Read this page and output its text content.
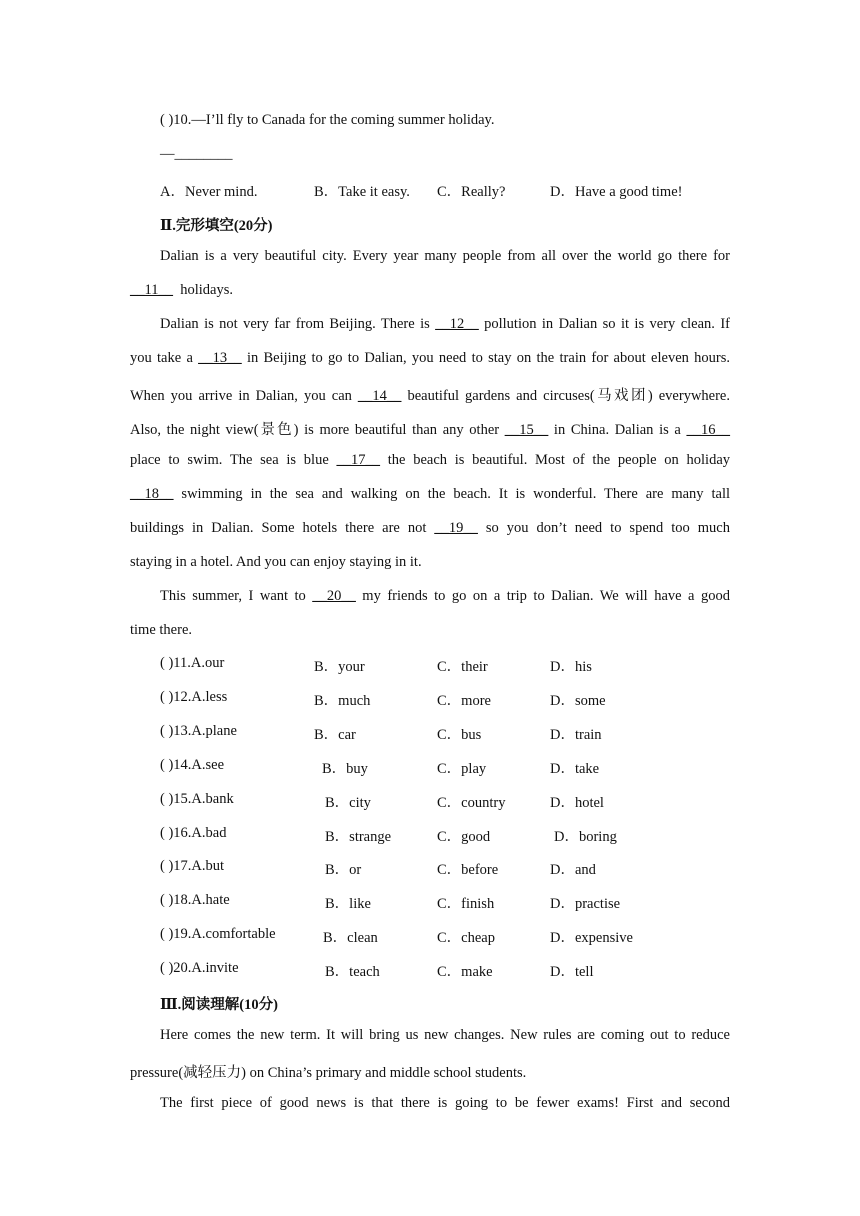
( )10.—I’ll fly to Canada for the coming summer holiday.
—________
A．Never mind.	B．Take it easy. C．Really?	D．Have a good time!
Ⅱ.完形填空(20分)
Dalian is a very beautiful city. Every year many people from all over the world go there for
__11__  holidays.
Dalian is not very far from Beijing. There is __12__ pollution in Dalian so it is very clean. If
you take a __13__ in Beijing to go to Dalian, you need to stay on the train for about eleven hours.
When you arrive in Dalian, you can __14__ beautiful gardens and circuses(马戏团) everywhere.
Also, the night view(景色) is more beautiful than any other __15__ in China. Dalian is a __16__
place to swim. The sea is blue __17__ the beach is beautiful. Most of the people on holiday
__18__ swimming in the sea and walking on the beach. It is wonderful. There are many tall
buildings in Dalian. Some hotels there are not __19__ so you don’t need to spend too much
staying in a hotel. And you can enjoy staying in it.
This summer, I want to __20__ my friends to go on a trip to Dalian. We will have a good
time there.
( )11.A.our	B．your	C．their	D．his
( )12.A.less	B．much	C．more	D．some
( )13.A.plane	B．car	C．bus	D．train
( )14.A.see	B．buy	C．play	D．take
( )15.A.bank	B．city	C．country	D．hotel
( )16.A.bad	B．strange	C．good	D．boring
( )17.A.but	B．or	C．before	D．and
( )18.A.hate	B．like	C．finish	D．practise
( )19.A.comfortable	B．clean	C．cheap	D．expensive
( )20.A.invite	B．teach	C．make	D．tell
Ⅲ.阅读理解(10分)
Here comes the new term. It will bring us new changes. New rules are coming out to reduce
pressure(减轻压力) on China’s primary and middle school students.
The first piece of good news is that there is going to be fewer exams! First and second
